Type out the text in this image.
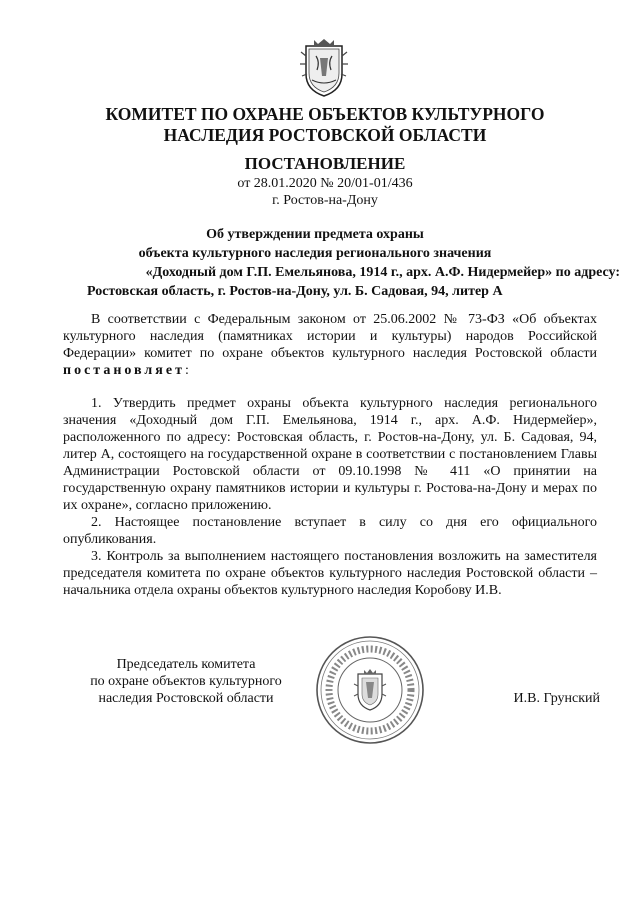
КОМИТЕТ ПО ОХРАНЕ ОБЪЕКТОВ КУЛЬТУРНОГО
НАСЛЕДИЯ РОСТОВСКОЙ ОБЛАСТИ
ПОСТАНОВЛЕНИЕ
от 28.01.2020 № 20/01-01/436
г. Ростов-на-Дону
Об утверждении предмета охраны
объекта культурного наследия регионального значения
«Доходный дом Г.П. Емельянова, 1914 г., арх. А.Ф. Нидермейер» по адресу:
Ростовская область, г. Ростов-на-Дону, ул. Б. Садовая, 94, литер А

В соответствии с Федеральным законом от 25.06.2002 № 73-ФЗ «Об объектах культурного наследия (памятниках истории и культуры) народов Российской Федерации» комитет по охране объектов культурного наследия Ростовской области постановляет:

1. Утвердить предмет охраны объекта культурного наследия регионального значения «Доходный дом Г.П. Емельянова, 1914 г., арх. А.Ф. Нидермейер», расположенного по адресу: Ростовская область, г. Ростов-на-Дону, ул. Б. Садовая, 94, литер А, состоящего на государственной охране в соответствии с постановлением Главы Администрации Ростовской области от 09.10.1998 № 411 «О принятии на государственную охрану памятников истории и культуры г. Ростова-на-Дону и мерах по их охране», согласно приложению.

2. Настоящее постановление вступает в силу со дня его официального опубликования.

3. Контроль за выполнением настоящего постановления возложить на заместителя председателя комитета по охране объектов культурного наследия Ростовской области – начальника отдела охраны объектов культурного наследия Коробову И.В.

Председатель комитета
по охране объектов культурного
наследия Ростовской области	И.В. Грунский
